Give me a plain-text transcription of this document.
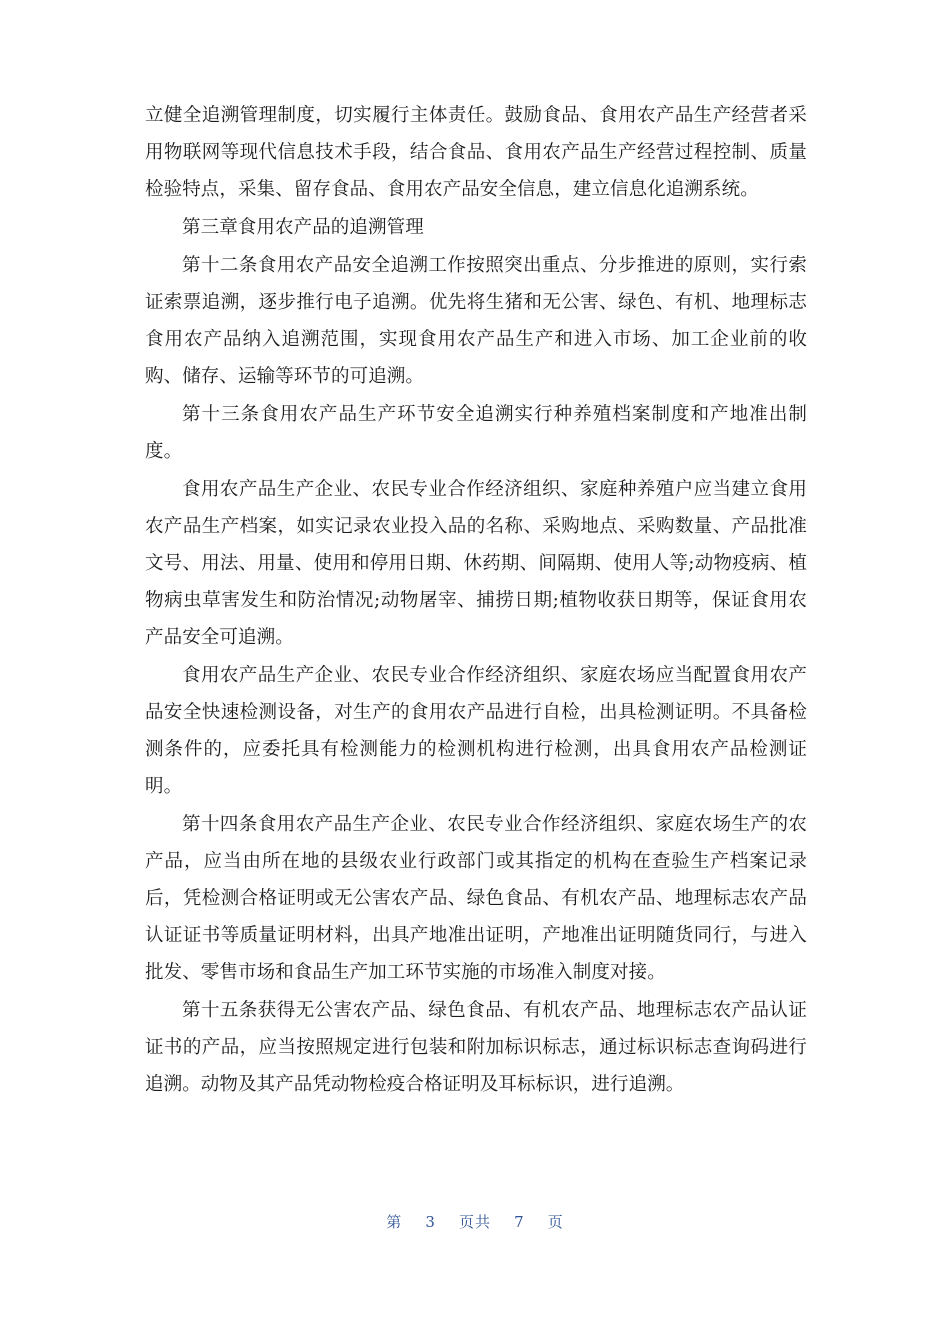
立健全追溯管理制度，切实履行主体责任。鼓励食品、食用农产品生产经营者采用物联网等现代信息技术手段，结合食品、食用农产品生产经营过程控制、质量检验特点，采集、留存食品、食用农产品安全信息，建立信息化追溯系统。

第三章食用农产品的追溯管理

第十二条食用农产品安全追溯工作按照突出重点、分步推进的原则，实行索证索票追溯，逐步推行电子追溯。优先将生猪和无公害、绿色、有机、地理标志食用农产品纳入追溯范围，实现食用农产品生产和进入市场、加工企业前的收购、储存、运输等环节的可追溯。

第十三条食用农产品生产环节安全追溯实行种养殖档案制度和产地准出制度。

食用农产品生产企业、农民专业合作经济组织、家庭种养殖户应当建立食用农产品生产档案，如实记录农业投入品的名称、采购地点、采购数量、产品批准文号、用法、用量、使用和停用日期、休药期、间隔期、使用人等;动物疫病、植物病虫草害发生和防治情况;动物屠宰、捕捞日期;植物收获日期等，保证食用农产品安全可追溯。

食用农产品生产企业、农民专业合作经济组织、家庭农场应当配置食用农产品安全快速检测设备，对生产的食用农产品进行自检，出具检测证明。不具备检测条件的，应委托具有检测能力的检测机构进行检测，出具食用农产品检测证明。

第十四条食用农产品生产企业、农民专业合作经济组织、家庭农场生产的农产品，应当由所在地的县级农业行政部门或其指定的机构在查验生产档案记录后，凭检测合格证明或无公害农产品、绿色食品、有机农产品、地理标志农产品认证证书等质量证明材料，出具产地准出证明，产地准出证明随货同行，与进入批发、零售市场和食品生产加工环节实施的市场准入制度对接。

第十五条获得无公害农产品、绿色食品、有机农产品、地理标志农产品认证证书的产品，应当按照规定进行包装和附加标识标志，通过标识标志查询码进行追溯。动物及其产品凭动物检疫合格证明及耳标标识，进行追溯。

第 3 页共 7 页
